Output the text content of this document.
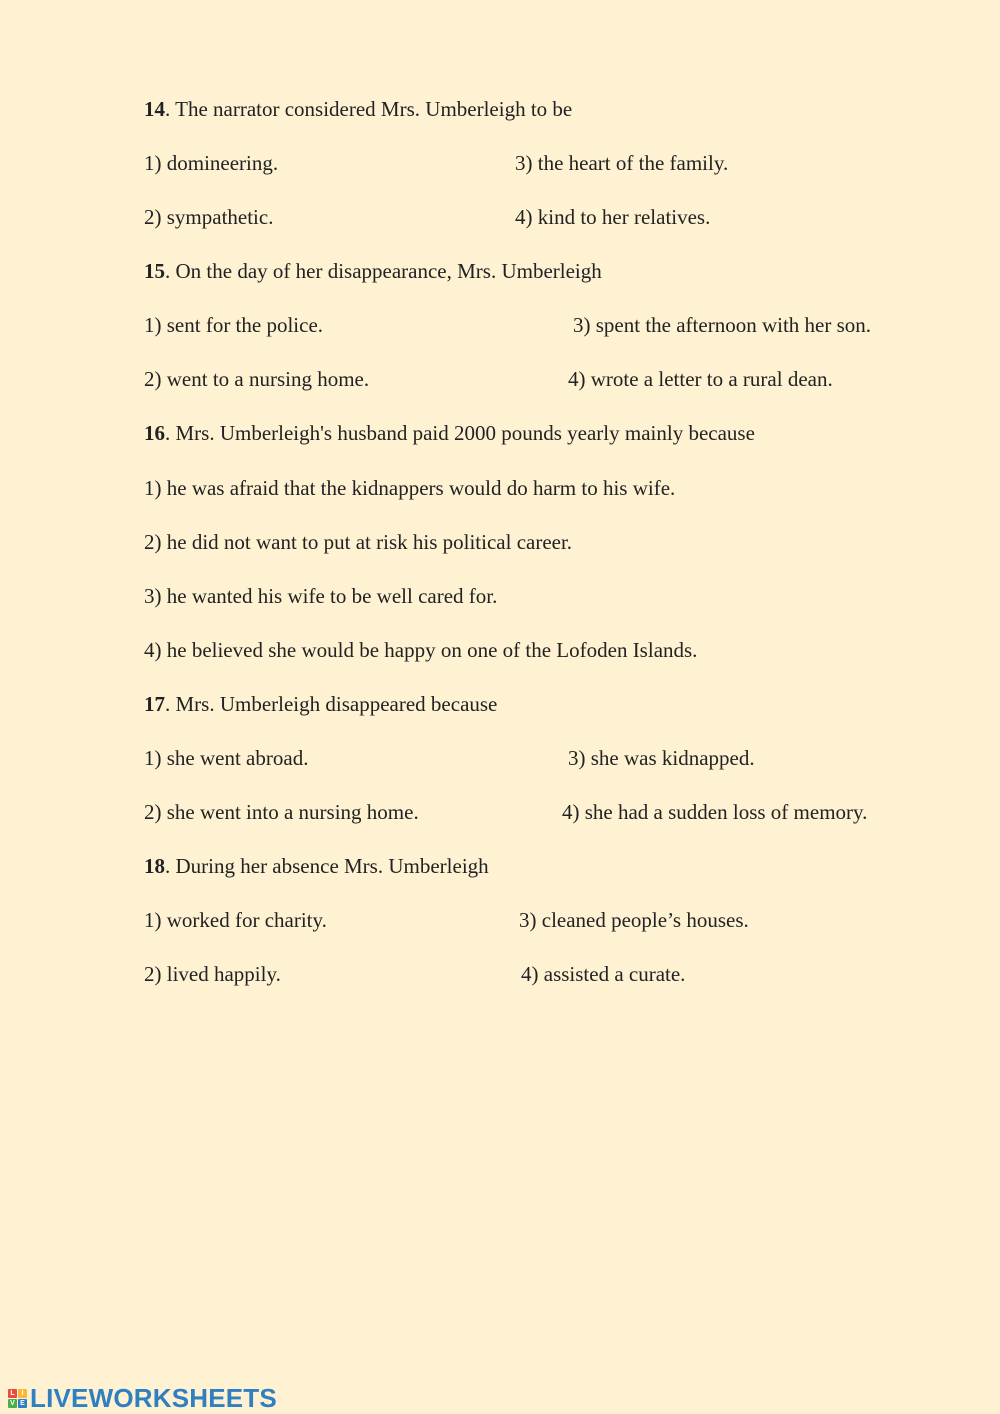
14. The narrator considered Mrs. Umberleigh to be
1) domineering.	3) the heart of the family.
2) sympathetic.	4) kind to her relatives.
15. On the day of her disappearance, Mrs. Umberleigh
1) sent for the police.	3) spent the afternoon with her son.
2) went to a nursing home.	4) wrote a letter to a rural dean.
16. Mrs. Umberleigh's husband paid 2000 pounds yearly mainly because
1) he was afraid that the kidnappers would do harm to his wife.
2) he did not want to put at risk his political career.
3) he wanted his wife to be well cared for.
4) he believed she would be happy on one of the Lofoden Islands.
17. Mrs. Umberleigh disappeared because
1) she went abroad.	3) she was kidnapped.
2) she went into a nursing home.	4) she had a sudden loss of memory.
18. During her absence Mrs. Umberleigh
1) worked for charity.	3) cleaned people’s houses.
2) lived happily.	4) assisted a curate.
L I
V E LIVEWORKSHEETS
